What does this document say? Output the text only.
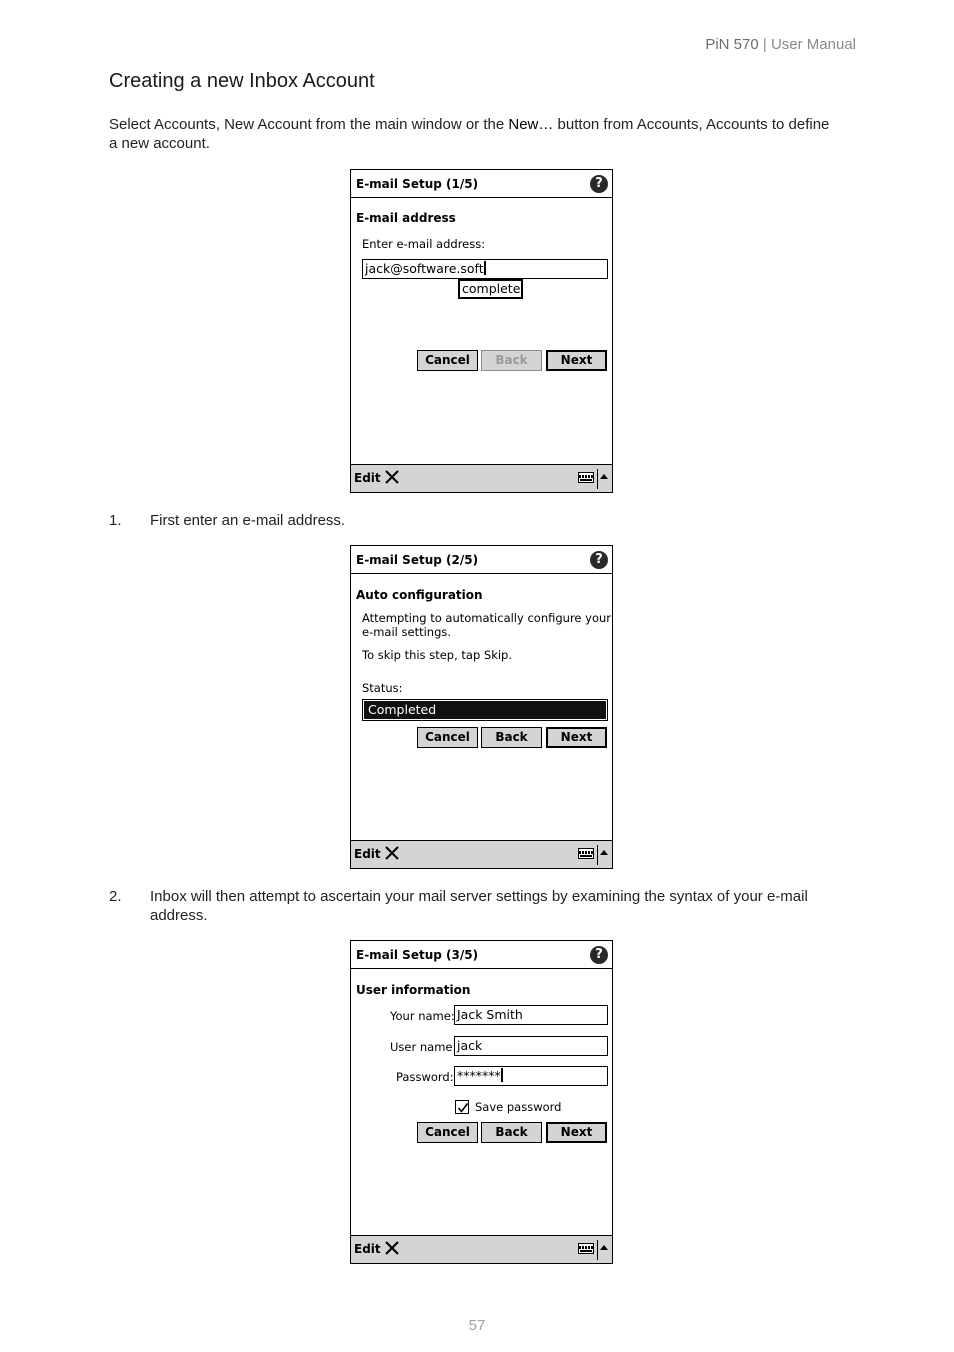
PiN 570 | User Manual
Creating a new Inbox Account
Select Accounts, New Account from the main window or the New… button from Accounts, Accounts to define a new account.
E-mail Setup (1/5)	?
E-mail address
Enter e-mail address:
jack@software.soft
complete
Cancel	Back	Next
Edit
1. First enter an e-mail address.
E-mail Setup (2/5)	?
Auto configuration
Attempting to automatically configure your
e-mail settings.
To skip this step, tap Skip.
Status:
Completed
Cancel	Back	Next
Edit
2. Inbox will then attempt to ascertain your mail server settings by examining the syntax of your e-mail address.
E-mail Setup (3/5)	?
User information
Your name: Jack Smith
User name: jack
Password: *******
Save password
Cancel	Back	Next
Edit
57
